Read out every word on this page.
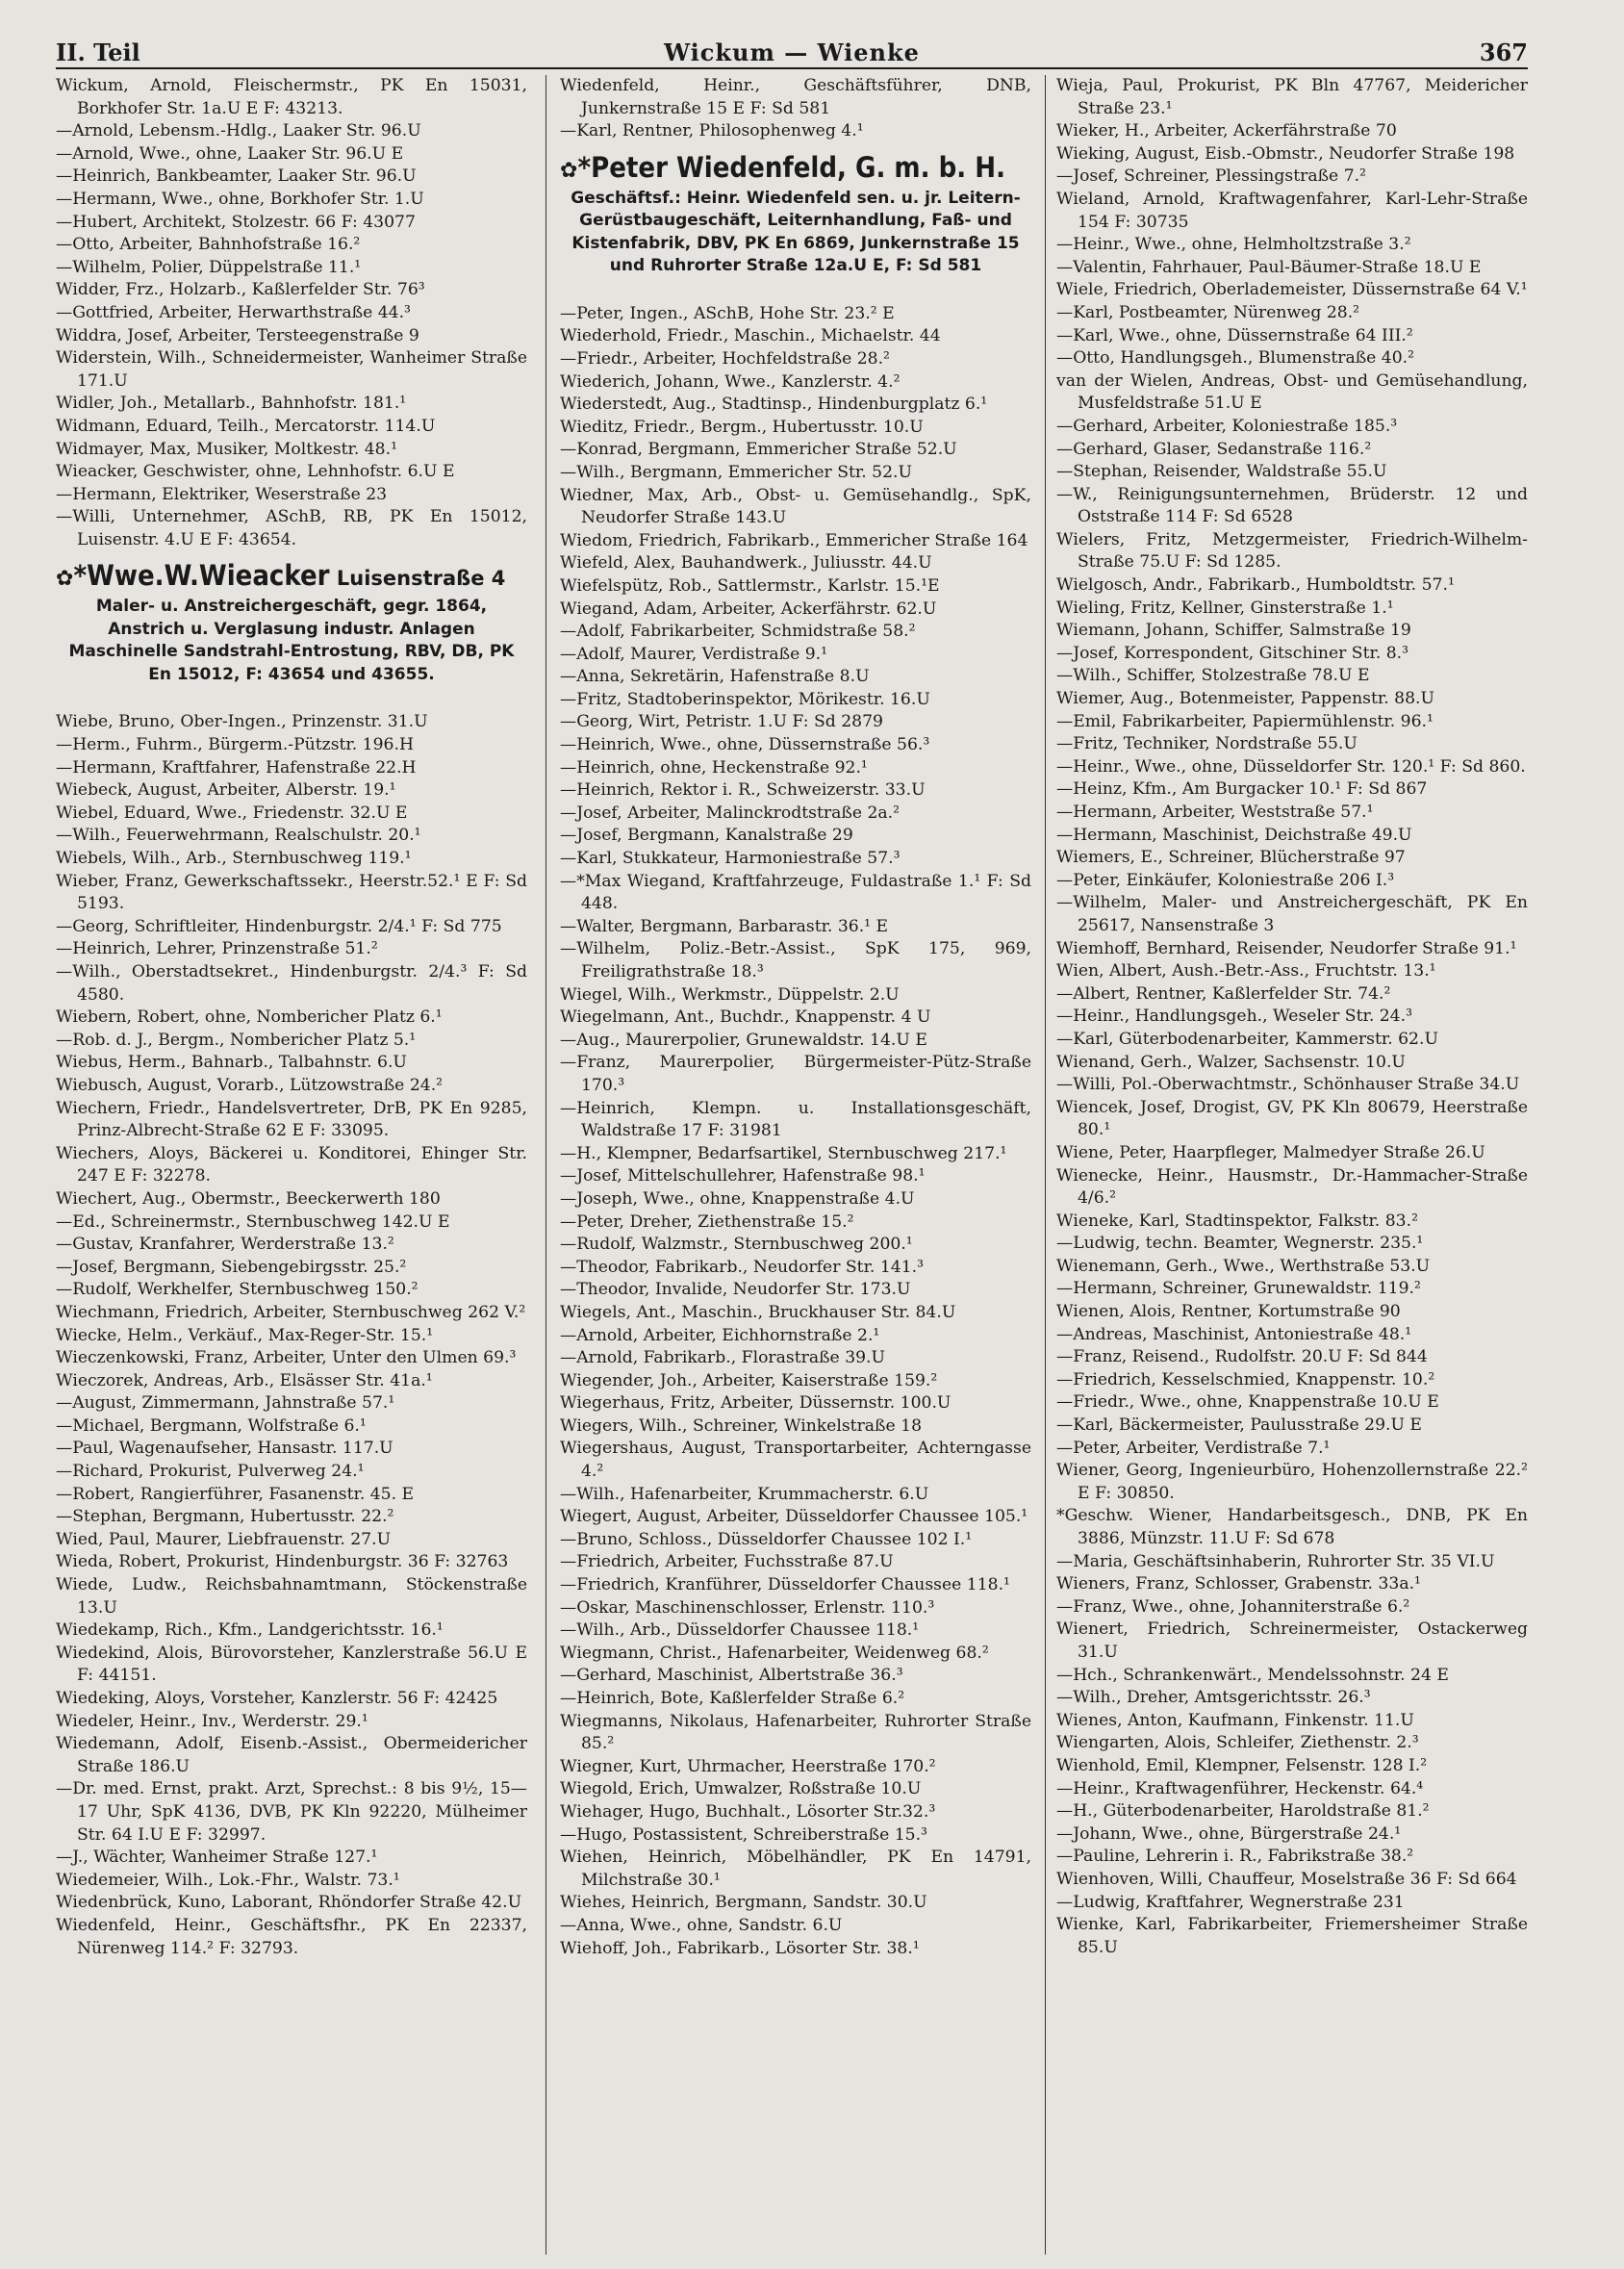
II. Teil	Wickum — Wienke	367

Wickum, Arnold, Fleischermstr., PK En 15031, Borkhofer Str. 1a.U E F: 43213.

—Arnold, Lebensm.-Hdlg., Laaker Str. 96.U

—Arnold, Wwe., ohne, Laaker Str. 96.U E

—Heinrich, Bankbeamter, Laaker Str. 96.U

—Hermann, Wwe., ohne, Borkhofer Str. 1.U

—Hubert, Architekt, Stolzestr. 66 F: 43077

—Otto, Arbeiter, Bahnhofstraße 16.²

—Wilhelm, Polier, Düppelstraße 11.¹

Widder, Frz., Holzarb., Kaßlerfelder Str. 76³

—Gottfried, Arbeiter, Herwarthstraße 44.³

Widdra, Josef, Arbeiter, Tersteegenstraße 9

Widerstein, Wilh., Schneidermeister, Wanheimer Straße 171.U

Widler, Joh., Metallarb., Bahnhofstr. 181.¹

Widmann, Eduard, Teilh., Mercatorstr. 114.U

Widmayer, Max, Musiker, Moltkestr. 48.¹

Wieacker, Geschwister, ohne, Lehnhofstr. 6.U E

—Hermann, Elektriker, Weserstraße 23

—Willi, Unternehmer, ASchB, RB, PK En 15012, Luisenstr. 4.U E F: 43654.

✿*Wwe.W.Wieacker Luisenstraße 4
Maler- u. Anstreichergeschäft, gegr. 1864, Anstrich u. Verglasung industr. Anlagen Maschinelle Sandstrahl-Entrostung, RBV, DB, PK En 15012, F: 43654 und 43655.

Wiebe, Bruno, Ober-Ingen., Prinzenstr. 31.U

—Herm., Fuhrm., Bürgerm.-Pützstr. 196.H

—Hermann, Kraftfahrer, Hafenstraße 22.H

Wiebeck, August, Arbeiter, Alberstr. 19.¹

Wiebel, Eduard, Wwe., Friedenstr. 32.U E

—Wilh., Feuerwehrmann, Realschulstr. 20.¹

Wiebels, Wilh., Arb., Sternbuschweg 119.¹

Wieber, Franz, Gewerkschaftssekr., Heerstr.52.¹ E F: Sd 5193.

—Georg, Schriftleiter, Hindenburgstr. 2/4.¹ F: Sd 775

—Heinrich, Lehrer, Prinzenstraße 51.²

—Wilh., Oberstadtsekret., Hindenburgstr. 2/4.³ F: Sd 4580.

Wiebern, Robert, ohne, Nombericher Platz 6.¹

—Rob. d. J., Bergm., Nombericher Platz 5.¹

Wiebus, Herm., Bahnarb., Talbahnstr. 6.U

Wiebusch, August, Vorarb., Lützowstraße 24.²

Wiechern, Friedr., Handelsvertreter, DrB, PK En 9285, Prinz-Albrecht-Straße 62 E F: 33095.

Wiechers, Aloys, Bäckerei u. Konditorei, Ehinger Str. 247 E F: 32278.

Wiechert, Aug., Obermstr., Beeckerwerth 180

—Ed., Schreinermstr., Sternbuschweg 142.U E

—Gustav, Kranfahrer, Werderstraße 13.²

—Josef, Bergmann, Siebengebirgsstr. 25.²

—Rudolf, Werkhelfer, Sternbuschweg 150.²

Wiechmann, Friedrich, Arbeiter, Sternbuschweg 262 V.²

Wiecke, Helm., Verkäuf., Max-Reger-Str. 15.¹

Wieczenkowski, Franz, Arbeiter, Unter den Ulmen 69.³

Wieczorek, Andreas, Arb., Elsässer Str. 41a.¹

—August, Zimmermann, Jahnstraße 57.¹

—Michael, Bergmann, Wolfstraße 6.¹

—Paul, Wagenaufseher, Hansastr. 117.U

—Richard, Prokurist, Pulverweg 24.¹

—Robert, Rangierführer, Fasanenstr. 45. E

—Stephan, Bergmann, Hubertusstr. 22.²

Wied, Paul, Maurer, Liebfrauenstr. 27.U

Wieda, Robert, Prokurist, Hindenburgstr. 36 F: 32763

Wiede, Ludw., Reichsbahnamtmann, Stöckenstraße 13.U

Wiedekamp, Rich., Kfm., Landgerichtsstr. 16.¹

Wiedekind, Alois, Bürovorsteher, Kanzlerstraße 56.U E F: 44151.

Wiedeking, Aloys, Vorsteher, Kanzlerstr. 56 F: 42425

Wiedeler, Heinr., Inv., Werderstr. 29.¹

Wiedemann, Adolf, Eisenb.-Assist., Obermeidericher Straße 186.U

—Dr. med. Ernst, prakt. Arzt, Sprechst.: 8 bis 9½, 15—17 Uhr, SpK 4136, DVB, PK Kln 92220, Mülheimer Str. 64 I.U E F: 32997.

—J., Wächter, Wanheimer Straße 127.¹

Wiedemeier, Wilh., Lok.-Fhr., Walstr. 73.¹

Wiedenbrück, Kuno, Laborant, Rhöndorfer Straße 42.U

Wiedenfeld, Heinr., Geschäftsfhr., PK En 22337, Nürenweg 114.² F: 32793.

Wiedenfeld, Heinr., Geschäftsführer, DNB, Junkernstraße 15 E F: Sd 581

—Karl, Rentner, Philosophenweg 4.¹

✿*Peter Wiedenfeld, G. m. b. H.
Geschäftsf.: Heinr. Wiedenfeld sen. u. jr. Leitern-Gerüstbaugeschäft, Leiternhandlung, Faß- und Kistenfabrik, DBV, PK En 6869, Junkernstraße 15 und Ruhrorter Straße 12a.U E, F: Sd 581

—Peter, Ingen., ASchB, Hohe Str. 23.² E

Wiederhold, Friedr., Maschin., Michaelstr. 44

—Friedr., Arbeiter, Hochfeldstraße 28.²

Wiederich, Johann, Wwe., Kanzlerstr. 4.²

Wiederstedt, Aug., Stadtinsp., Hindenburgplatz 6.¹

Wieditz, Friedr., Bergm., Hubertusstr. 10.U

—Konrad, Bergmann, Emmericher Straße 52.U

—Wilh., Bergmann, Emmericher Str. 52.U

Wiedner, Max, Arb., Obst- u. Gemüsehandlg., SpK, Neudorfer Straße 143.U

Wiedom, Friedrich, Fabrikarb., Emmericher Straße 164

Wiefeld, Alex, Bauhandwerk., Juliusstr. 44.U

Wiefelspütz, Rob., Sattlermstr., Karlstr. 15.¹E

Wiegand, Adam, Arbeiter, Ackerfährstr. 62.U

—Adolf, Fabrikarbeiter, Schmidstraße 58.²

—Adolf, Maurer, Verdistraße 9.¹

—Anna, Sekretärin, Hafenstraße 8.U

—Fritz, Stadtoberinspektor, Mörikestr. 16.U

—Georg, Wirt, Petristr. 1.U F: Sd 2879

—Heinrich, Wwe., ohne, Düssernstraße 56.³

—Heinrich, ohne, Heckenstraße 92.¹

—Heinrich, Rektor i. R., Schweizerstr. 33.U

—Josef, Arbeiter, Malinckrodtstraße 2a.²

—Josef, Bergmann, Kanalstraße 29

—Karl, Stukkateur, Harmoniestraße 57.³

—*Max Wiegand, Kraftfahrzeuge, Fuldastraße 1.¹ F: Sd 448.

—Walter, Bergmann, Barbarastr. 36.¹ E

—Wilhelm, Poliz.-Betr.-Assist., SpK 175, 969, Freiligrathstraße 18.³

Wiegel, Wilh., Werkmstr., Düppelstr. 2.U

Wiegelmann, Ant., Buchdr., Knappenstr. 4 U

—Aug., Maurerpolier, Grunewaldstr. 14.U E

—Franz, Maurerpolier, Bürgermeister-Pütz-Straße 170.³

—Heinrich, Klempn. u. Installationsgeschäft, Waldstraße 17 F: 31981

—H., Klempner, Bedarfsartikel, Sternbuschweg 217.¹

—Josef, Mittelschullehrer, Hafenstraße 98.¹

—Joseph, Wwe., ohne, Knappenstraße 4.U

—Peter, Dreher, Ziethenstraße 15.²

—Rudolf, Walzmstr., Sternbuschweg 200.¹

—Theodor, Fabrikarb., Neudorfer Str. 141.³

—Theodor, Invalide, Neudorfer Str. 173.U

Wiegels, Ant., Maschin., Bruckhauser Str. 84.U

—Arnold, Arbeiter, Eichhornstraße 2.¹

—Arnold, Fabrikarb., Florastraße 39.U

Wiegender, Joh., Arbeiter, Kaiserstraße 159.²

Wiegerhaus, Fritz, Arbeiter, Düssernstr. 100.U

Wiegers, Wilh., Schreiner, Winkelstraße 18

Wiegershaus, August, Transportarbeiter, Achterngasse 4.²

—Wilh., Hafenarbeiter, Krummacherstr. 6.U

Wiegert, August, Arbeiter, Düsseldorfer Chaussee 105.¹

—Bruno, Schloss., Düsseldorfer Chaussee 102 I.¹

—Friedrich, Arbeiter, Fuchsstraße 87.U

—Friedrich, Kranführer, Düsseldorfer Chaussee 118.¹

—Oskar, Maschinenschlosser, Erlenstr. 110.³

—Wilh., Arb., Düsseldorfer Chaussee 118.¹

Wiegmann, Christ., Hafenarbeiter, Weidenweg 68.²

—Gerhard, Maschinist, Albertstraße 36.³

—Heinrich, Bote, Kaßlerfelder Straße 6.²

Wiegmanns, Nikolaus, Hafenarbeiter, Ruhrorter Straße 85.²

Wiegner, Kurt, Uhrmacher, Heerstraße 170.²

Wiegold, Erich, Umwalzer, Roßstraße 10.U

Wiehager, Hugo, Buchhalt., Lösorter Str.32.³

—Hugo, Postassistent, Schreiberstraße 15.³

Wiehen, Heinrich, Möbelhändler, PK En 14791, Milchstraße 30.¹

Wiehes, Heinrich, Bergmann, Sandstr. 30.U

—Anna, Wwe., ohne, Sandstr. 6.U

Wiehoff, Joh., Fabrikarb., Lösorter Str. 38.¹

Wieja, Paul, Prokurist, PK Bln 47767, Meidericher Straße 23.¹

Wieker, H., Arbeiter, Ackerfährstraße 70

Wieking, August, Eisb.-Obmstr., Neudorfer Straße 198

—Josef, Schreiner, Plessingstraße 7.²

Wieland, Arnold, Kraftwagenfahrer, Karl-Lehr-Straße 154 F: 30735

—Heinr., Wwe., ohne, Helmholtzstraße 3.²

—Valentin, Fahrhauer, Paul-Bäumer-Straße 18.U E

Wiele, Friedrich, Oberlademeister, Düssernstraße 64 V.¹

—Karl, Postbeamter, Nürenweg 28.²

—Karl, Wwe., ohne, Düssernstraße 64 III.²

—Otto, Handlungsgeh., Blumenstraße 40.²

van der Wielen, Andreas, Obst- und Gemüsehandlung, Musfeldstraße 51.U E

—Gerhard, Arbeiter, Koloniestraße 185.³

—Gerhard, Glaser, Sedanstraße 116.²

—Stephan, Reisender, Waldstraße 55.U

—W., Reinigungsunternehmen, Brüderstr. 12 und Oststraße 114 F: Sd 6528

Wielers, Fritz, Metzgermeister, Friedrich-Wilhelm-Straße 75.U F: Sd 1285.

Wielgosch, Andr., Fabrikarb., Humboldtstr. 57.¹

Wieling, Fritz, Kellner, Ginsterstraße 1.¹

Wiemann, Johann, Schiffer, Salmstraße 19

—Josef, Korrespondent, Gitschiner Str. 8.³

—Wilh., Schiffer, Stolzestraße 78.U E

Wiemer, Aug., Botenmeister, Pappenstr. 88.U

—Emil, Fabrikarbeiter, Papiermühlenstr. 96.¹

—Fritz, Techniker, Nordstraße 55.U

—Heinr., Wwe., ohne, Düsseldorfer Str. 120.¹ F: Sd 860.

—Heinz, Kfm., Am Burgacker 10.¹ F: Sd 867

—Hermann, Arbeiter, Weststraße 57.¹

—Hermann, Maschinist, Deichstraße 49.U

Wiemers, E., Schreiner, Blücherstraße 97

—Peter, Einkäufer, Koloniestraße 206 I.³

—Wilhelm, Maler- und Anstreichergeschäft, PK En 25617, Nansenstraße 3

Wiemhoff, Bernhard, Reisender, Neudorfer Straße 91.¹

Wien, Albert, Aush.-Betr.-Ass., Fruchtstr. 13.¹

—Albert, Rentner, Kaßlerfelder Str. 74.²

—Heinr., Handlungsgeh., Weseler Str. 24.³

—Karl, Güterbodenarbeiter, Kammerstr. 62.U

Wienand, Gerh., Walzer, Sachsenstr. 10.U

—Willi, Pol.-Oberwachtmstr., Schönhauser Straße 34.U

Wiencek, Josef, Drogist, GV, PK Kln 80679, Heerstraße 80.¹

Wiene, Peter, Haarpfleger, Malmedyer Straße 26.U

Wienecke, Heinr., Hausmstr., Dr.-Hammacher-Straße 4/6.²

Wieneke, Karl, Stadtinspektor, Falkstr. 83.²

—Ludwig, techn. Beamter, Wegnerstr. 235.¹

Wienemann, Gerh., Wwe., Werthstraße 53.U

—Hermann, Schreiner, Grunewaldstr. 119.²

Wienen, Alois, Rentner, Kortumstraße 90

—Andreas, Maschinist, Antoniestraße 48.¹

—Franz, Reisend., Rudolfstr. 20.U F: Sd 844

—Friedrich, Kesselschmied, Knappenstr. 10.²

—Friedr., Wwe., ohne, Knappenstraße 10.U E

—Karl, Bäckermeister, Paulusstraße 29.U E

—Peter, Arbeiter, Verdistraße 7.¹

Wiener, Georg, Ingenieurbüro, Hohenzollernstraße 22.² E F: 30850.

*Geschw. Wiener, Handarbeitsgesch., DNB, PK En 3886, Münzstr. 11.U F: Sd 678

—Maria, Geschäftsinhaberin, Ruhrorter Str. 35 VI.U

Wieners, Franz, Schlosser, Grabenstr. 33a.¹

—Franz, Wwe., ohne, Johanniterstraße 6.²

Wienert, Friedrich, Schreinermeister, Ostackerweg 31.U

—Hch., Schrankenwärt., Mendelssohnstr. 24 E

—Wilh., Dreher, Amtsgerichtsstr. 26.³

Wienes, Anton, Kaufmann, Finkenstr. 11.U

Wiengarten, Alois, Schleifer, Ziethenstr. 2.³

Wienhold, Emil, Klempner, Felsenstr. 128 I.²

—Heinr., Kraftwagenführer, Heckenstr. 64.⁴

—H., Güterbodenarbeiter, Haroldstraße 81.²

—Johann, Wwe., ohne, Bürgerstraße 24.¹

—Pauline, Lehrerin i. R., Fabrikstraße 38.²

Wienhoven, Willi, Chauffeur, Moselstraße 36 F: Sd 664

—Ludwig, Kraftfahrer, Wegnerstraße 231

Wienke, Karl, Fabrikarbeiter, Friemersheimer Straße 85.U
